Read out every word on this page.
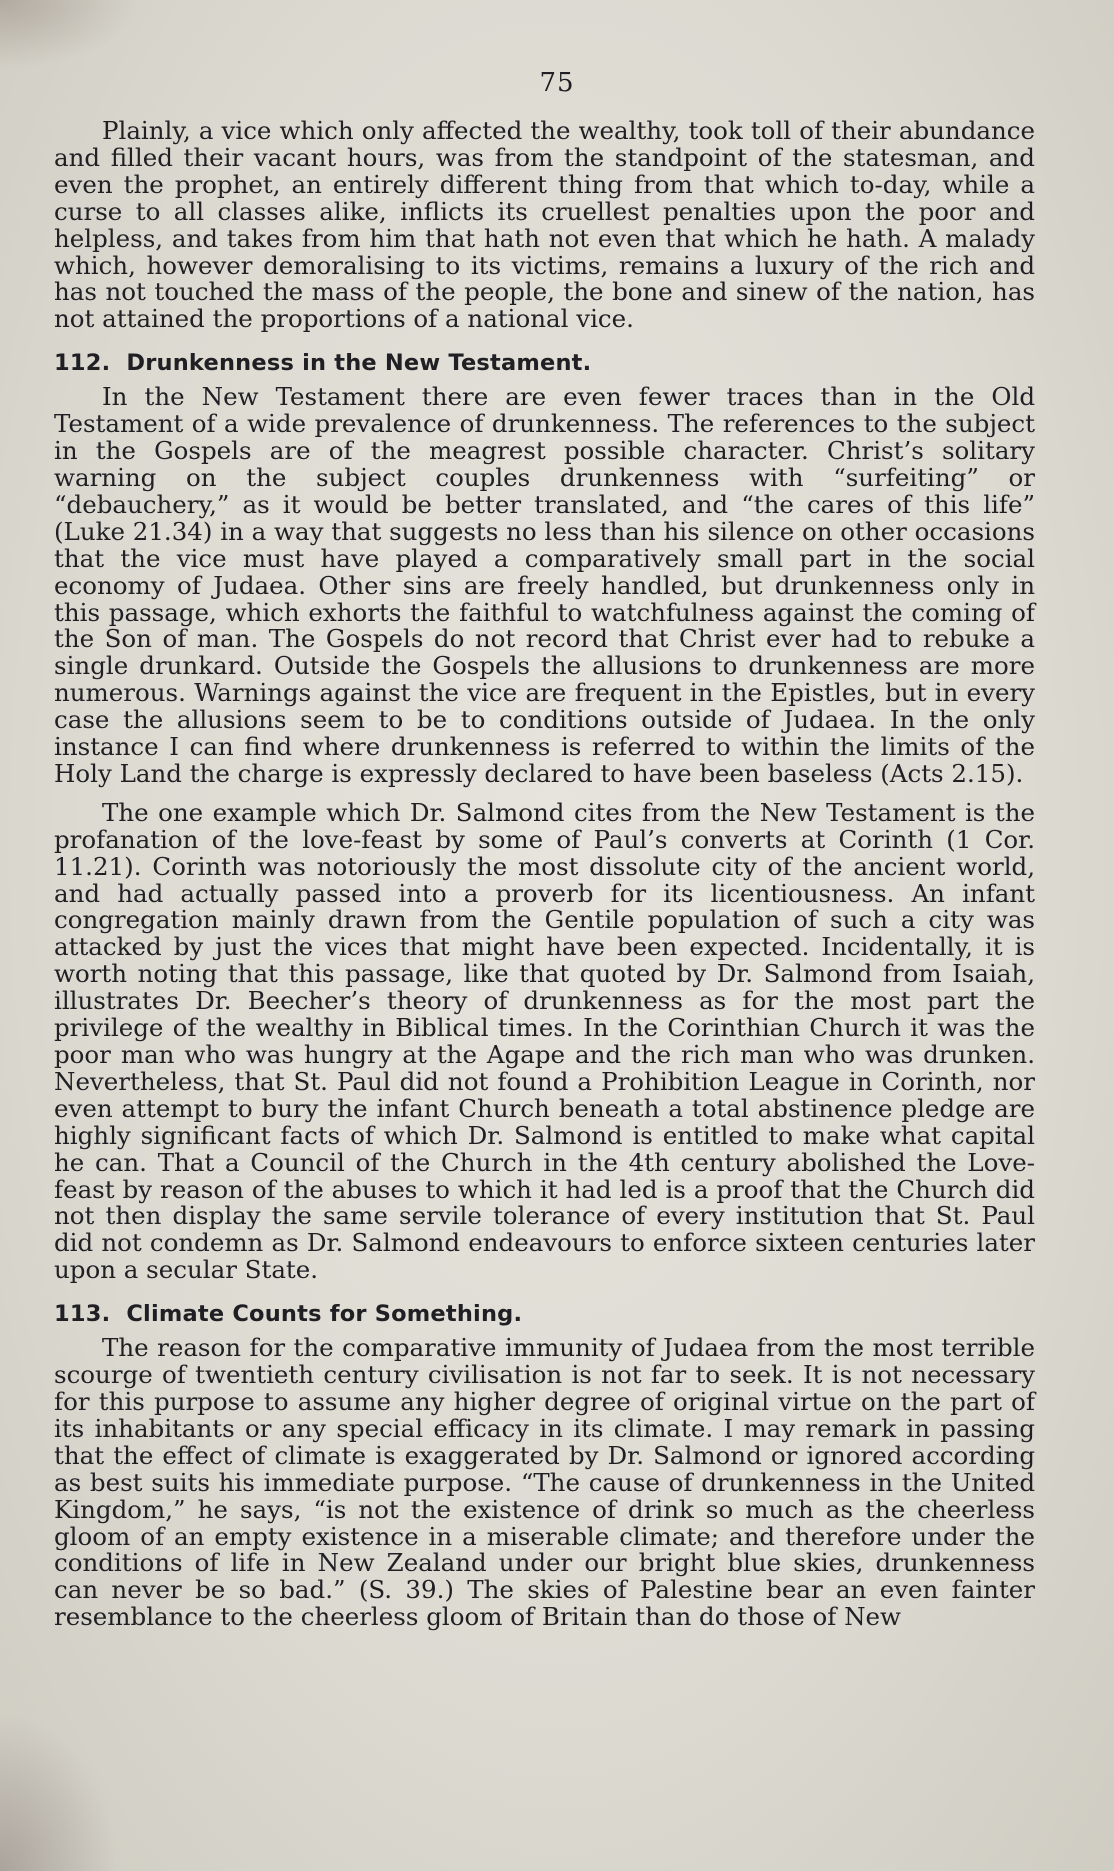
75

Plainly, a vice which only affected the wealthy, took toll of their abundance and filled their vacant hours, was from the standpoint of the statesman, and even the prophet, an entirely different thing from that which to-day, while a curse to all classes alike, inflicts its cruellest penalties upon the poor and helpless, and takes from him that hath not even that which he hath. A malady which, however demoralising to its victims, remains a luxury of the rich and has not touched the mass of the people, the bone and sinew of the nation, has not attained the proportions of a national vice.

112. Drunkenness in the New Testament.

In the New Testament there are even fewer traces than in the Old Testament of a wide prevalence of drunkenness. The references to the subject in the Gospels are of the meagrest possible character. Christ’s solitary warning on the subject couples drunkenness with “surfeiting” or “debauchery,” as it would be better translated, and “the cares of this life” (Luke 21.34) in a way that suggests no less than his silence on other occasions that the vice must have played a comparatively small part in the social economy of Judaea. Other sins are freely handled, but drunkenness only in this passage, which exhorts the faithful to watchfulness against the coming of the Son of man. The Gospels do not record that Christ ever had to rebuke a single drunkard. Outside the Gospels the allusions to drunkenness are more numerous. Warnings against the vice are frequent in the Epistles, but in every case the allusions seem to be to conditions outside of Judaea. In the only instance I can find where drunkenness is referred to within the limits of the Holy Land the charge is expressly declared to have been baseless (Acts 2.15).

The one example which Dr. Salmond cites from the New Testament is the profanation of the love-feast by some of Paul’s converts at Corinth (1 Cor. 11.21). Corinth was notoriously the most dissolute city of the ancient world, and had actually passed into a proverb for its licentiousness. An infant congregation mainly drawn from the Gentile population of such a city was attacked by just the vices that might have been expected. Incidentally, it is worth noting that this passage, like that quoted by Dr. Salmond from Isaiah, illustrates Dr. Beecher’s theory of drunkenness as for the most part the privilege of the wealthy in Biblical times. In the Corinthian Church it was the poor man who was hungry at the Agape and the rich man who was drunken. Nevertheless, that St. Paul did not found a Prohibition League in Corinth, nor even attempt to bury the infant Church beneath a total abstinence pledge are highly significant facts of which Dr. Salmond is entitled to make what capital he can. That a Council of the Church in the 4th century abolished the Love-feast by reason of the abuses to which it had led is a proof that the Church did not then display the same servile tolerance of every institution that St. Paul did not condemn as Dr. Salmond endeavours to enforce sixteen centuries later upon a secular State.

113. Climate Counts for Something.

The reason for the comparative immunity of Judaea from the most terrible scourge of twentieth century civilisation is not far to seek. It is not necessary for this purpose to assume any higher degree of original virtue on the part of its inhabitants or any special efficacy in its climate. I may remark in passing that the effect of climate is exaggerated by Dr. Salmond or ignored according as best suits his immediate purpose. “The cause of drunkenness in the United Kingdom,” he says, “is not the existence of drink so much as the cheerless gloom of an empty existence in a miserable climate; and therefore under the conditions of life in New Zealand under our bright blue skies, drunkenness can never be so bad.” (S. 39.) The skies of Palestine bear an even fainter resemblance to the cheerless gloom of Britain than do those of New
